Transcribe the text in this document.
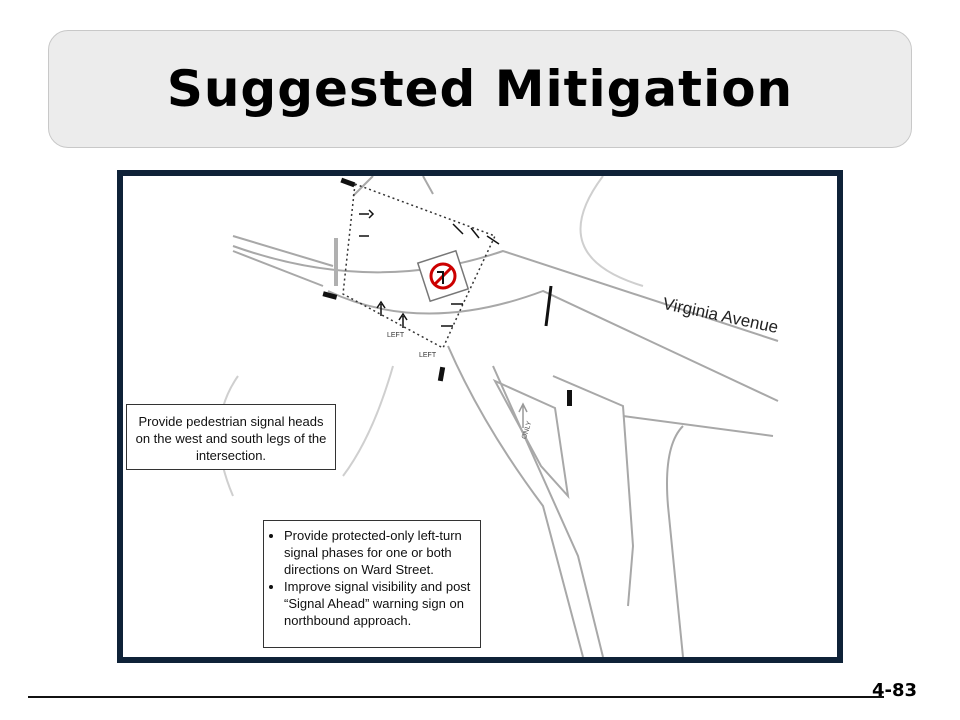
Suggested Mitigation
Virginia Avenue
LEFT
LEFT
ONLY
Provide pedestrian signal heads on the west and south legs of the intersection.
• Provide protected-only left-turn signal phases for one or both directions on Ward Street.
• Improve signal visibility and post “Signal Ahead” warning sign on northbound approach.
4-83
